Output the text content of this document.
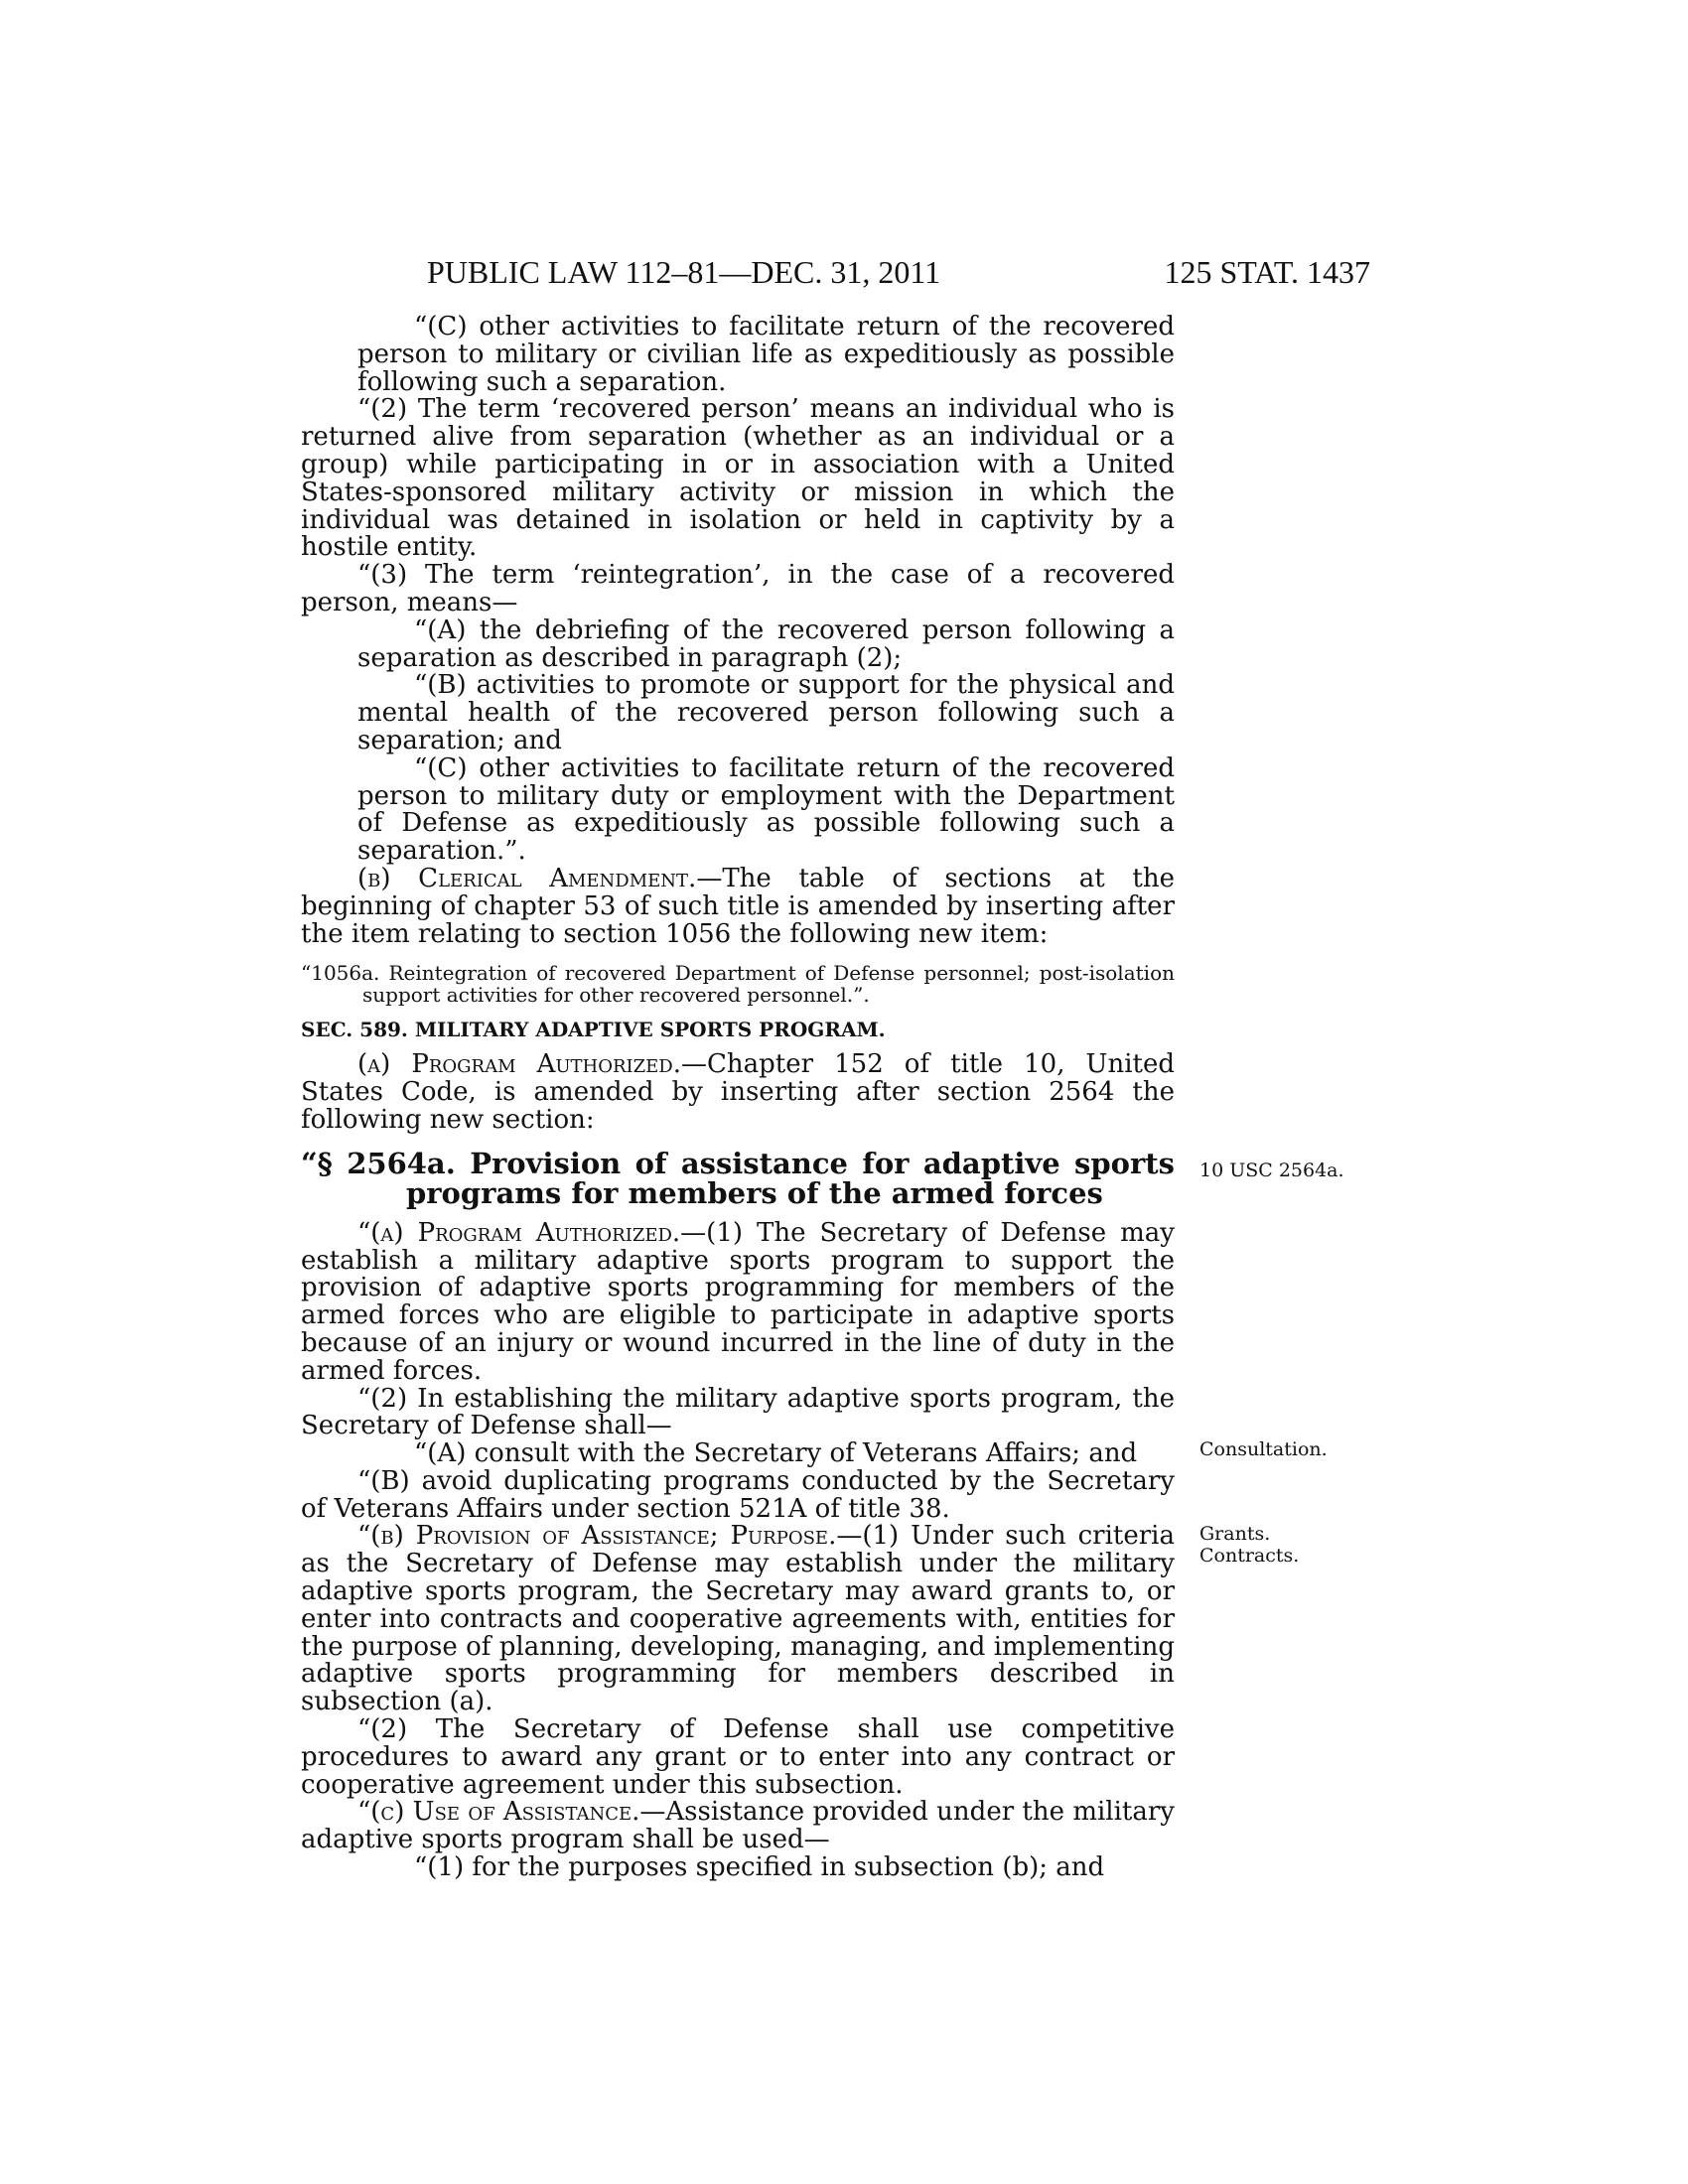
PUBLIC LAW 112–81—DEC. 31, 2011	125 STAT. 1437

“(C) other activities to facilitate return of the recovered person to military or civilian life as expeditiously as possible following such a separation.

“(2) The term ‘recovered person’ means an individual who is returned alive from separation (whether as an individual or a group) while participating in or in association with a United States-sponsored military activity or mission in which the individual was detained in isolation or held in captivity by a hostile entity.

“(3) The term ‘reintegration’, in the case of a recovered person, means—

“(A) the debriefing of the recovered person following a separation as described in paragraph (2);

“(B) activities to promote or support for the physical and mental health of the recovered person following such a separation; and

“(C) other activities to facilitate return of the recovered person to military duty or employment with the Department of Defense as expeditiously as possible following such a separation.”.

(b) Clerical Amendment.—The table of sections at the beginning of chapter 53 of such title is amended by inserting after the item relating to section 1056 the following new item:

“1056a. Reintegration of recovered Department of Defense personnel; post-isolation support activities for other recovered personnel.”.

SEC. 589. MILITARY ADAPTIVE SPORTS PROGRAM.

(a) Program Authorized.—Chapter 152 of title 10, United States Code, is amended by inserting after section 2564 the following new section:

“§ 2564a. Provision of assistance for adaptive sports programs for members of the armed forces

“(a) Program Authorized.—(1) The Secretary of Defense may establish a military adaptive sports program to support the provision of adaptive sports programming for members of the armed forces who are eligible to participate in adaptive sports because of an injury or wound incurred in the line of duty in the armed forces.

“(2) In establishing the military adaptive sports program, the Secretary of Defense shall—

“(A) consult with the Secretary of Veterans Affairs; and

“(B) avoid duplicating programs conducted by the Secretary of Veterans Affairs under section 521A of title 38.

“(b) Provision of Assistance; Purpose.—(1) Under such criteria as the Secretary of Defense may establish under the military adaptive sports program, the Secretary may award grants to, or enter into contracts and cooperative agreements with, entities for the purpose of planning, developing, managing, and implementing adaptive sports programming for members described in subsection (a).

“(2) The Secretary of Defense shall use competitive procedures to award any grant or to enter into any contract or cooperative agreement under this subsection.

“(c) Use of Assistance.—Assistance provided under the military adaptive sports program shall be used—

“(1) for the purposes specified in subsection (b); and

10 USC 2564a.
Consultation.
Grants.
Contracts.
